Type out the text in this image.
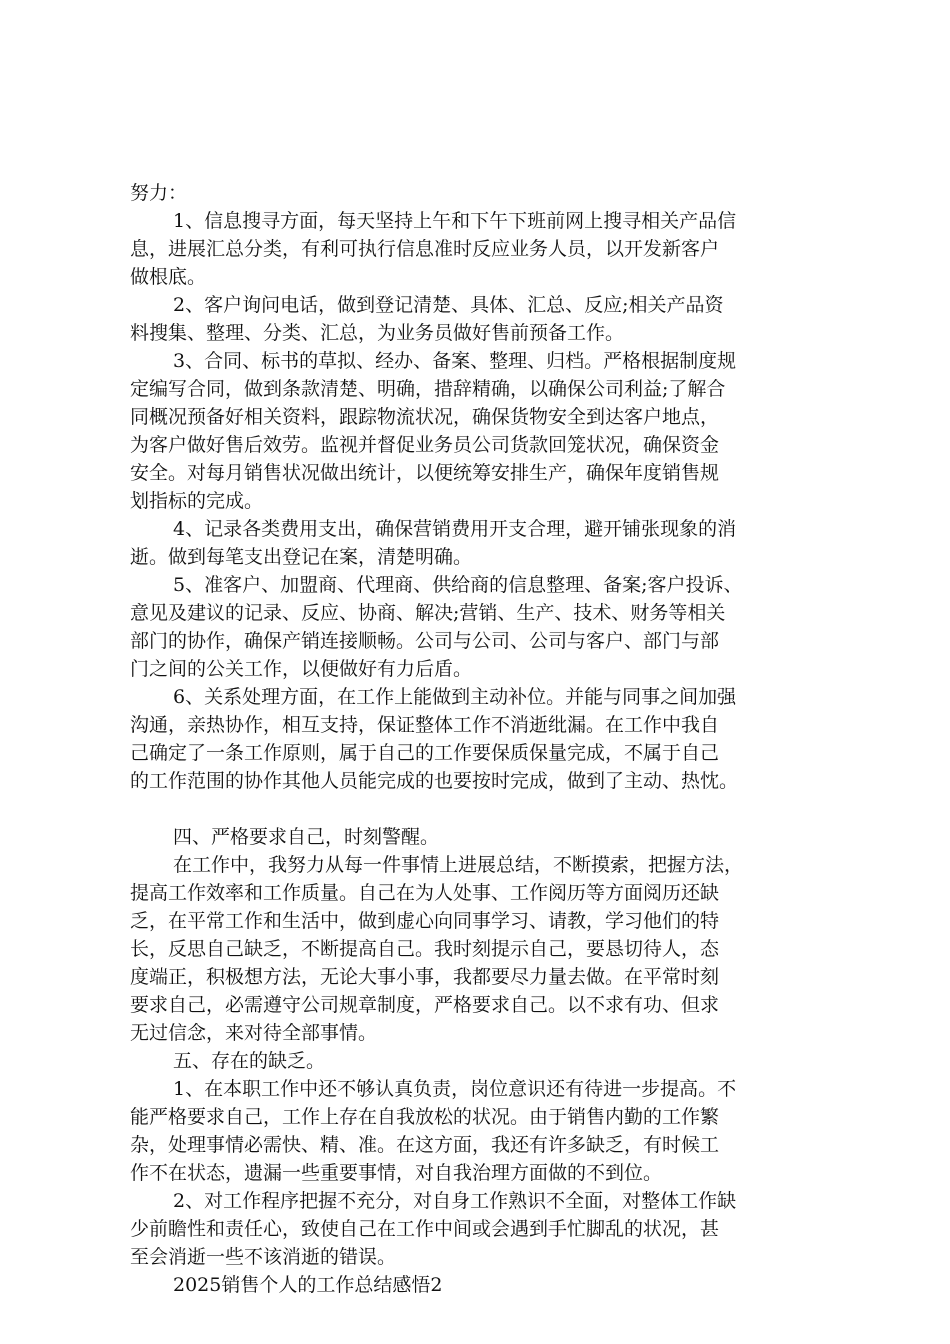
努力：
1、信息搜寻方面，每天坚持上午和下午下班前网上搜寻相关产品信
息，进展汇总分类，有利可执行信息准时反应业务人员，以开发新客户
做根底。
2、客户询问电话，做到登记清楚、具体、汇总、反应;相关产品资
料搜集、整理、分类、汇总，为业务员做好售前预备工作。
3、合同、标书的草拟、经办、备案、整理、归档。严格根据制度规
定编写合同，做到条款清楚、明确，措辞精确，以确保公司利益;了解合
同概况预备好相关资料，跟踪物流状况，确保货物安全到达客户地点，
为客户做好售后效劳。监视并督促业务员公司货款回笼状况，确保资金
安全。对每月销售状况做出统计，以便统筹安排生产，确保年度销售规
划指标的完成。
4、记录各类费用支出，确保营销费用开支合理，避开铺张现象的消
逝。做到每笔支出登记在案，清楚明确。
5、准客户、加盟商、代理商、供给商的信息整理、备案;客户投诉、
意见及建议的记录、反应、协商、解决;营销、生产、技术、财务等相关
部门的协作，确保产销连接顺畅。公司与公司、公司与客户、部门与部
门之间的公关工作，以便做好有力后盾。
6、关系处理方面，在工作上能做到主动补位。并能与同事之间加强
沟通，亲热协作，相互支持，保证整体工作不消逝纰漏。在工作中我自
己确定了一条工作原则，属于自己的工作要保质保量完成，不属于自己
的工作范围的协作其他人员能完成的也要按时完成，做到了主动、热忱。
四、严格要求自己，时刻警醒。
在工作中，我努力从每一件事情上进展总结，不断摸索，把握方法，
提高工作效率和工作质量。自己在为人处事、工作阅历等方面阅历还缺
乏，在平常工作和生活中，做到虚心向同事学习、请教，学习他们的特
长，反思自己缺乏，不断提高自己。我时刻提示自己，要恳切待人，态
度端正，积极想方法，无论大事小事，我都要尽力量去做。在平常时刻
要求自己，必需遵守公司规章制度，严格要求自己。以不求有功、但求
无过信念，来对待全部事情。
五、存在的缺乏。
1、在本职工作中还不够认真负责，岗位意识还有待进一步提高。不
能严格要求自己，工作上存在自我放松的状况。由于销售内勤的工作繁
杂，处理事情必需快、精、准。在这方面，我还有许多缺乏，有时候工
作不在状态，遗漏一些重要事情，对自我治理方面做的不到位。
2、对工作程序把握不充分，对自身工作熟识不全面，对整体工作缺
少前瞻性和责任心，致使自己在工作中间或会遇到手忙脚乱的状况，甚
至会消逝一些不该消逝的错误。
2025销售个人的工作总结感悟2
